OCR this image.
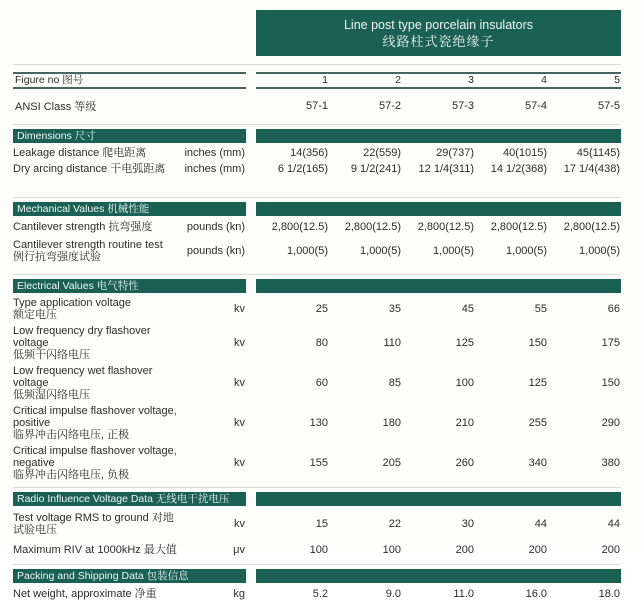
Line post type porcelain insulators
线路柱式瓷绝缘子
Figure no 图号	1	2	3	4	5
ANSI Class 等级	57-1	57-2	57-3	57-4	57-5
Dimensions 尺寸
Leakage distance 爬电距离	inches (mm)	14(356)	22(559)	29(737)	40(1015)	45(1145)
Dry arcing distance 干电弧距离	inches (mm)	6 1/2(165)	9 1/2(241)	12 1/4(311)	14 1/2(368)	17 1/4(438)
Mechanical Values 机械性能
Cantilever strength 抗弯强度	pounds (kn)	2,800(12.5)	2,800(12.5)	2,800(12.5)	2,800(12.5)	2,800(12.5)
Cantilever strength routine test
例行抗弯强度试验	pounds (kn)	1,000(5)	1,000(5)	1,000(5)	1,000(5)	1,000(5)
Electrical Values 电气特性
Type application voltage
额定电压	kv	25	35	45	55	66
Low frequency dry flashover voltage
低频干闪络电压
kv	80	110	125	150	175
Low frequency wet flashover voltage
低频湿闪络电压
kv	60	85	100	125	150
Critical impulse flashover voltage, positive
临界冲击闪络电压, 正极
kv	130	180	210	255	290
Critical impulse flashover voltage, negative
临界冲击闪络电压, 负极
kv	155	205	260	340	380
Radio Influence Voltage Data 无线电干扰电压
Test voltage RMS to ground 对地试验电压	kv	15	22	30	44	44
Maximum RIV at 1000kHz 最大值	μv	100	100	200	200	200
Packing and Shipping Data 包装信息
Net weight, approximate 净重	kg	5.2	9.0	11.0	16.0	18.0
